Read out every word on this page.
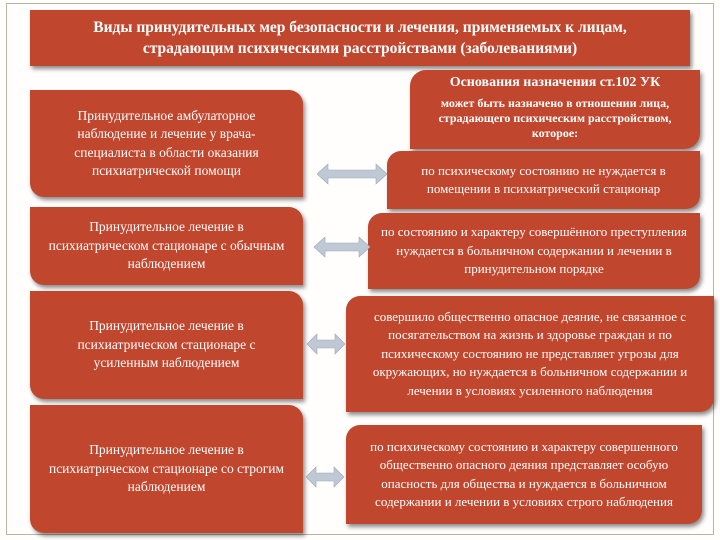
Виды принудительных мер безопасности и лечения, применяемых к лицам,
страдающим психическими расстройствами (заболеваниями)
Основания назначения ст.102 УК
может быть назначено в отношении лица, страдающего психическим расстройством, которое:
Принудительное амбулаторное наблюдение и лечение у врача-специалиста в области оказания психиатрической помощи
Принудительное лечение в психиатрическом стационаре с обычным наблюдением
Принудительное лечение в психиатрическом стационаре с усиленным наблюдением
Принудительное лечение в психиатрическом стационаре со строгим наблюдением
по психическому состоянию не нуждается в помещении в психиатрический стационар
по состоянию и характеру совершённого преступления нуждается в больничном содержании и лечении в принудительном порядке
совершило общественно опасное деяние, не связанное с посягательством на жизнь и здоровье граждан и по психическому состоянию не представляет угрозы для окружающих, но нуждается в больничном содержании и лечении в условиях усиленного наблюдения
по психическому состоянию и характеру совершенного общественно опасного деяния представляет особую опасность для общества и нуждается в больничном содержании и лечении в условиях строго наблюдения
